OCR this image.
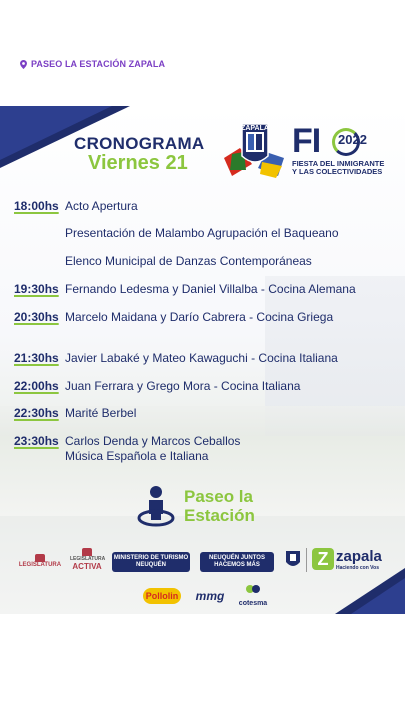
PASEO LA ESTACIÓN ZAPALA
CRONOGRAMA
Viernes 21
ZAPALA FI	2022
FIESTA DEL INMIGRANTE
Y LAS COLECTIVIDADES
18:00hs Acto Apertura
Presentación de Malambo Agrupación el Baqueano
Elenco Municipal de Danzas Contemporáneas
19:30hs Fernando Ledesma y Daniel Villalba - Cocina Alemana
20:30hs Marcelo Maidana y Darío Cabrera - Cocina Griega
21:30hs Javier Labaké y Mateo Kawaguchi - Cocina Italiana
22:00hs Juan Ferrara y Grego Mora - Cocina Italiana
22:30hs Marité Berbel
23:30hs Carlos Denda y Marcos Ceballos
Música Española e Italiana
Paseo la
Estación
LEGISLATURA
LEGISLATURA
ACTIVA
MINISTERIO DE TURISMO NEUQUÉN
NEUQUÉN JUNTOS HACEMOS MÁS	Z zapala
Haciendo con Vos
Pollolin	mmg
cotesma
